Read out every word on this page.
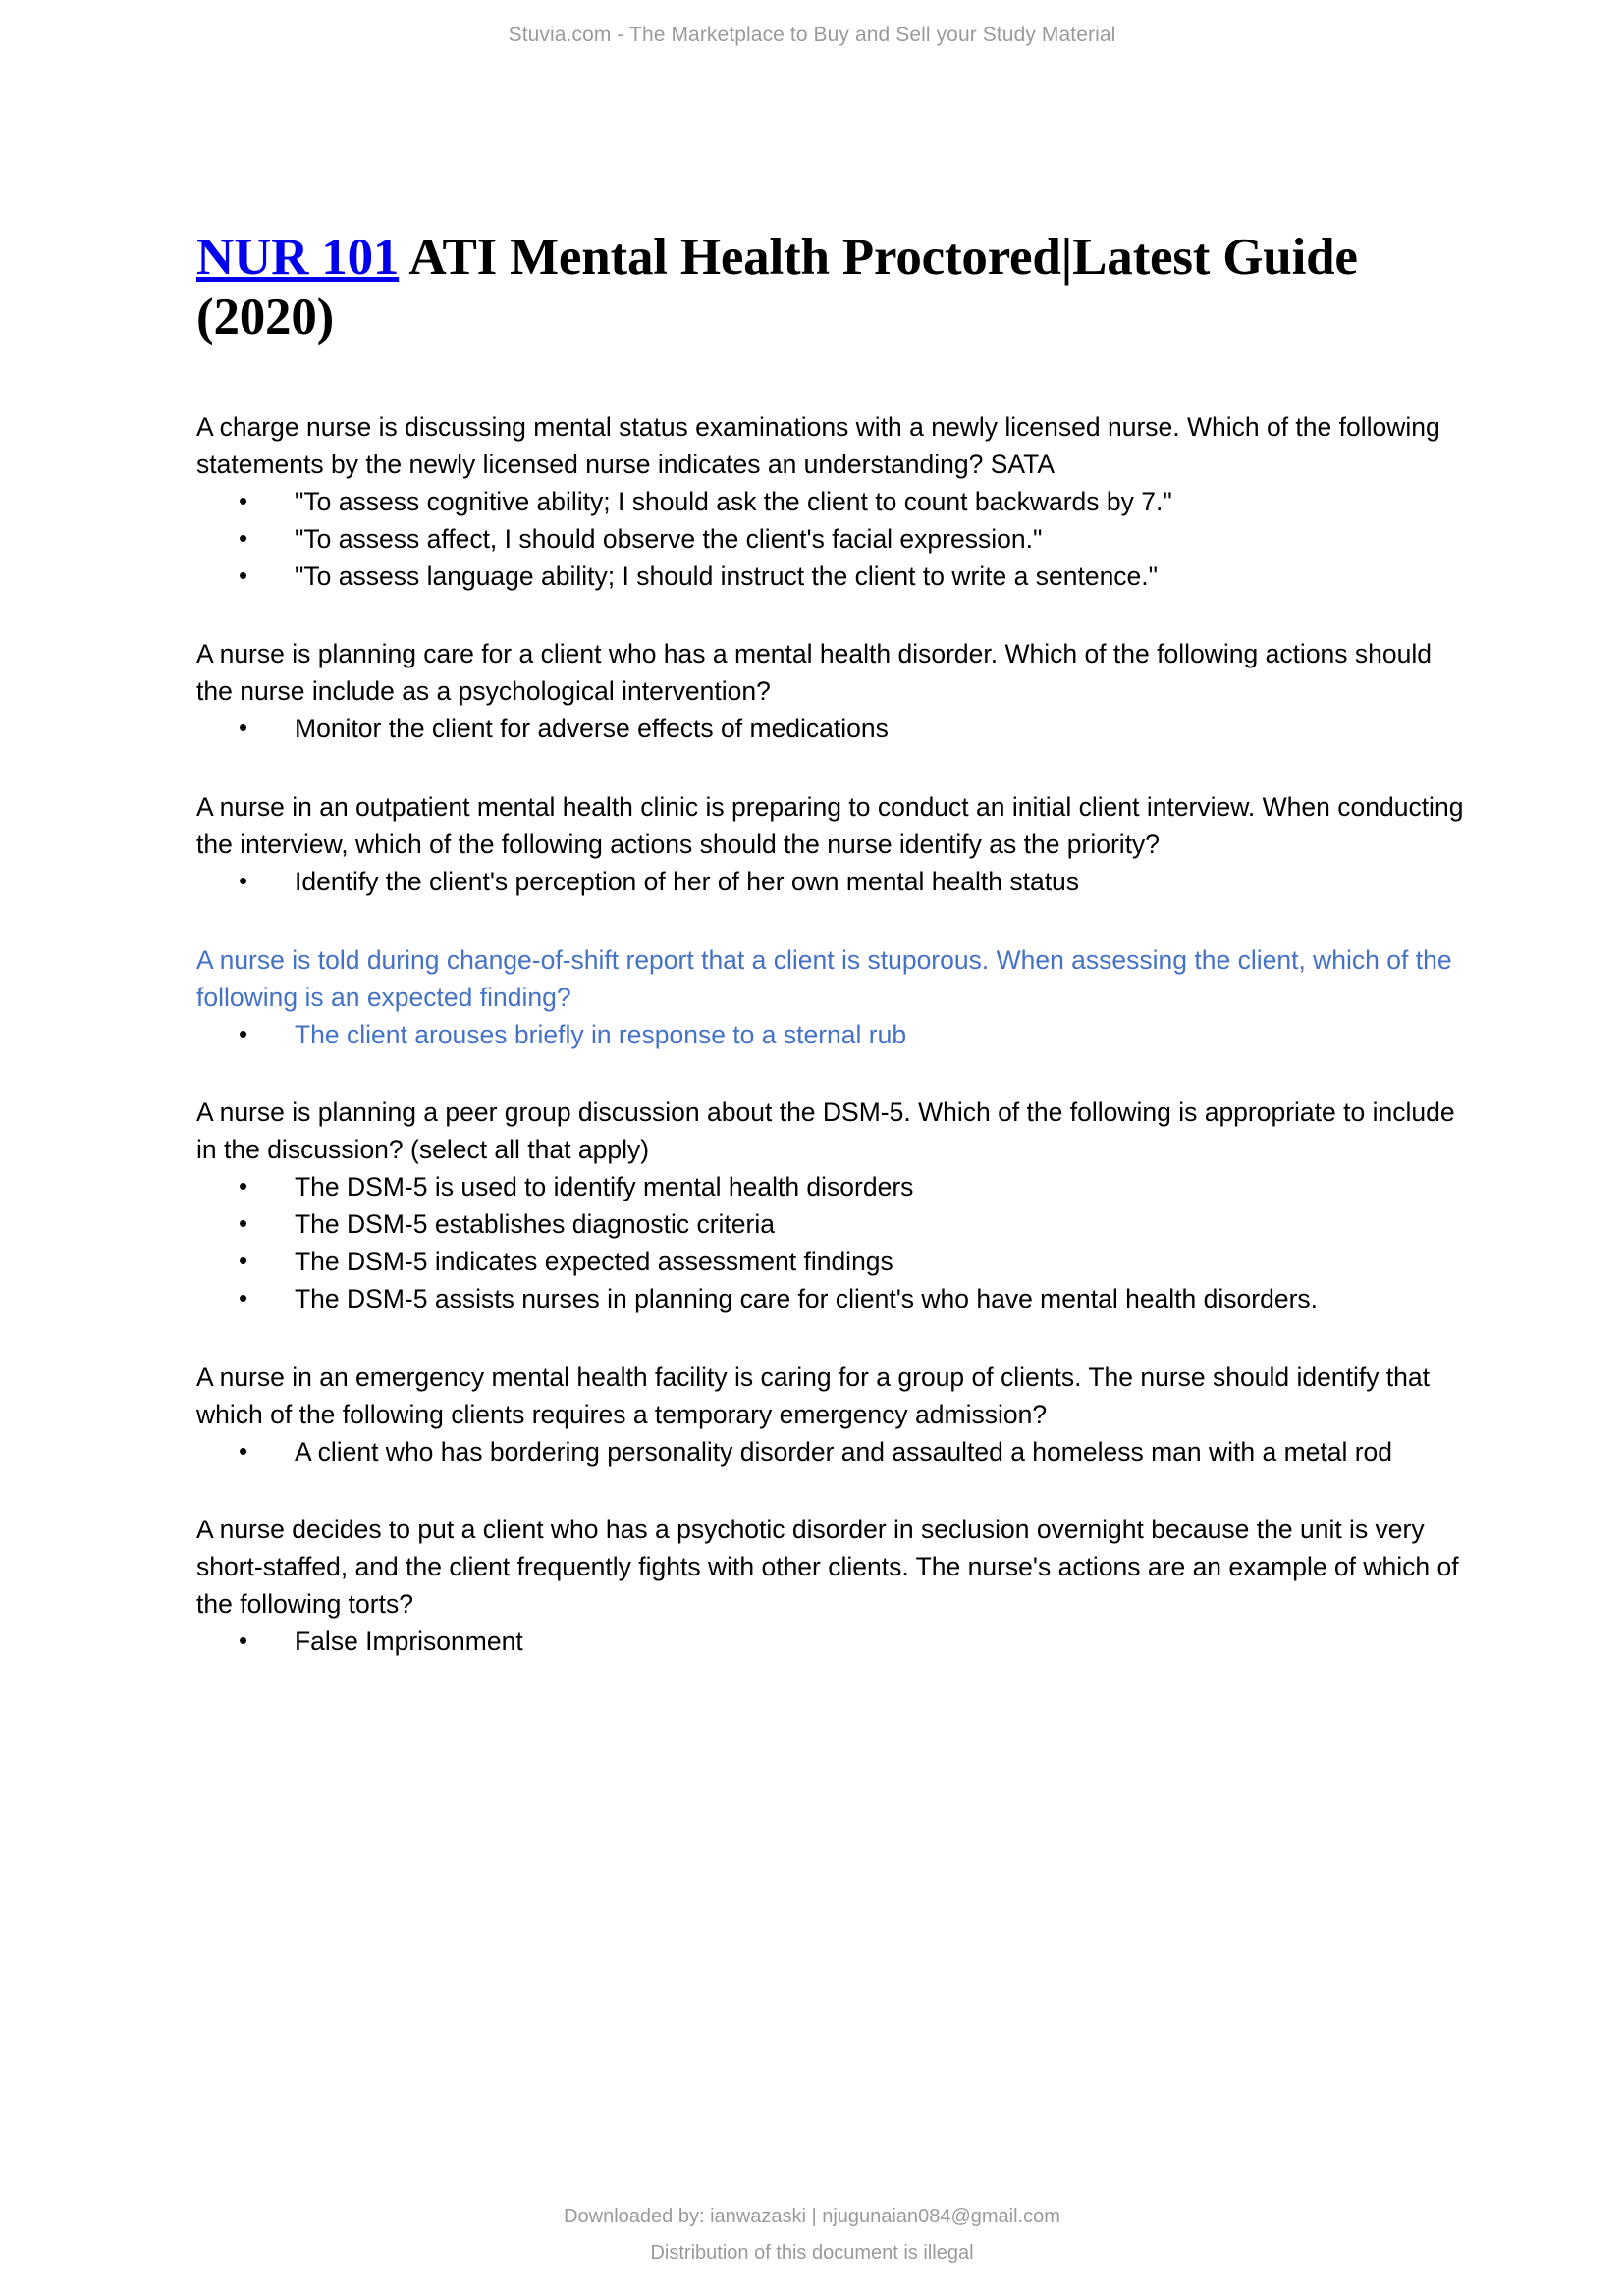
Stuvia.com - The Marketplace to Buy and Sell your Study Material
NUR 101 ATI Mental Health Proctored|Latest Guide (2020)

A charge nurse is discussing mental status examinations with a newly licensed nurse. Which of the following statements by the newly licensed nurse indicates an understanding? SATA

• "To assess cognitive ability; I should ask the client to count backwards by 7."
• "To assess affect, I should observe the client's facial expression."
• "To assess language ability; I should instruct the client to write a sentence."

A nurse is planning care for a client who has a mental health disorder. Which of the following actions should the nurse include as a psychological intervention?

• Monitor the client for adverse effects of medications

A nurse in an outpatient mental health clinic is preparing to conduct an initial client interview. When conducting the interview, which of the following actions should the nurse identify as the priority?

• Identify the client's perception of her of her own mental health status

A nurse is told during change-of-shift report that a client is stuporous. When assessing the client, which of the following is an expected finding?

• The client arouses briefly in response to a sternal rub

A nurse is planning a peer group discussion about the DSM-5. Which of the following is appropriate to include in the discussion? (select all that apply)

• The DSM-5 is used to identify mental health disorders
• The DSM-5 establishes diagnostic criteria
• The DSM-5 indicates expected assessment findings
• The DSM-5 assists nurses in planning care for client's who have mental health disorders.

A nurse in an emergency mental health facility is caring for a group of clients. The nurse should identify that which of the following clients requires a temporary emergency admission?

• A client who has bordering personality disorder and assaulted a homeless man with a metal rod

A nurse decides to put a client who has a psychotic disorder in seclusion overnight because the unit is very short-staffed, and the client frequently fights with other clients. The nurse's actions are an example of which of the following torts?

• False Imprisonment
Downloaded by: ianwazaski | njugunaian084@gmail.com
Distribution of this document is illegal
